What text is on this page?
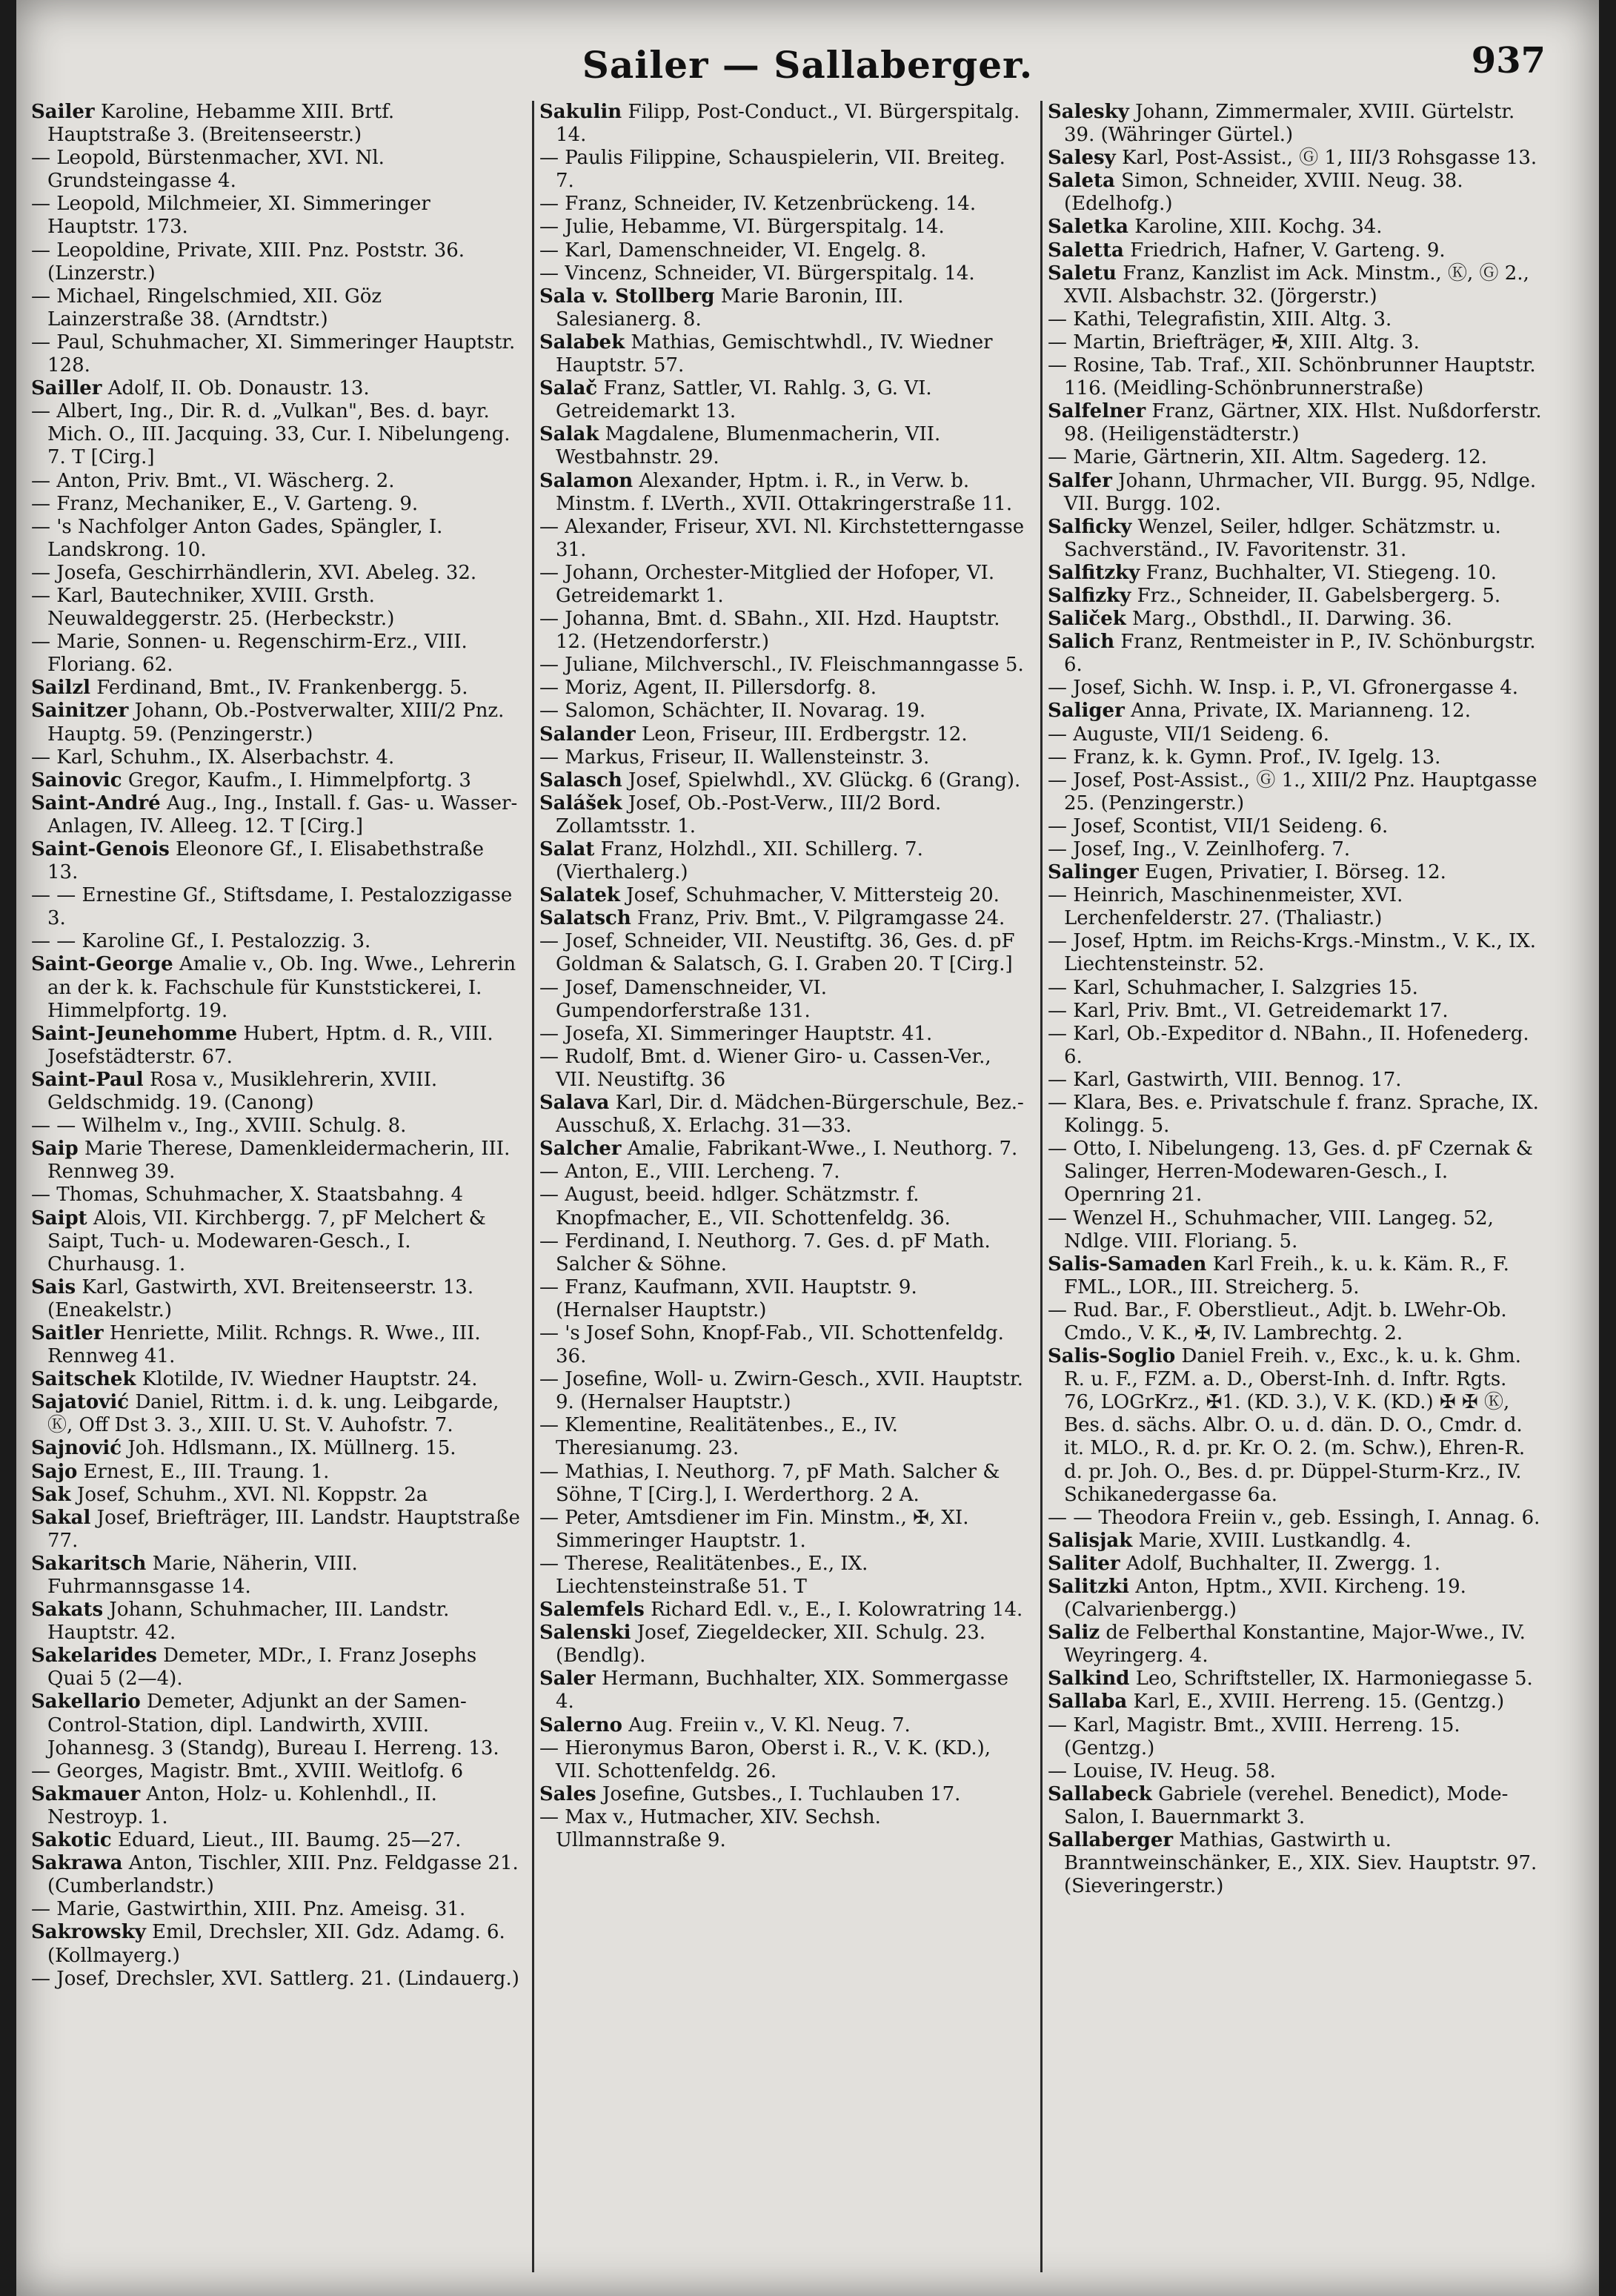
Sailer — Sallaberger.	937
Sailer Karoline, Hebamme XIII. Brtf. Hauptstraße 3. (Breitenseerstr.)
— Leopold, Bürstenmacher, XVI. Nl. Grundsteingasse 4.
— Leopold, Milchmeier, XI. Simmeringer Hauptstr. 173.
— Leopoldine, Private, XIII. Pnz. Poststr. 36. (Linzerstr.)
— Michael, Ringelschmied, XII. Göz Lainzerstraße 38. (Arndtstr.)
— Paul, Schuhmacher, XI. Simmeringer Hauptstr. 128.
Sailler Adolf, II. Ob. Donaustr. 13.
— Albert, Ing., Dir. R. d. „Vulkan", Bes. d. bayr. Mich. O., III. Jacquing. 33, Cur. I. Nibelungeng. 7. T [Cirg.]
— Anton, Priv. Bmt., VI. Wäscherg. 2.
— Franz, Mechaniker, E., V. Garteng. 9.
— 's Nachfolger Anton Gades, Spängler, I. Landskrong. 10.
— Josefa, Geschirrhändlerin, XVI. Abeleg. 32.
— Karl, Bautechniker, XVIII. Grsth. Neuwaldeggerstr. 25. (Herbeckstr.)
— Marie, Sonnen- u. Regenschirm-Erz., VIII. Floriang. 62.
Sailzl Ferdinand, Bmt., IV. Frankenbergg. 5.
Sainitzer Johann, Ob.-Postverwalter, XIII/2 Pnz. Hauptg. 59. (Penzingerstr.)
— Karl, Schuhm., IX. Alserbachstr. 4.
Sainovic Gregor, Kaufm., I. Himmelpfortg. 3
Saint-André Aug., Ing., Install. f. Gas- u. Wasser-Anlagen, IV. Alleeg. 12. T [Cirg.]
Saint-Genois Eleonore Gf., I. Elisabethstraße 13.
— — Ernestine Gf., Stiftsdame, I. Pestalozzigasse 3.
— — Karoline Gf., I. Pestalozzig. 3.
Saint-George Amalie v., Ob. Ing. Wwe., Lehrerin an der k. k. Fachschule für Kunststickerei, I. Himmelpfortg. 19.
Saint-Jeunehomme Hubert, Hptm. d. R., VIII. Josefstädterstr. 67.
Saint-Paul Rosa v., Musiklehrerin, XVIII. Geldschmidg. 19. (Canong)
— — Wilhelm v., Ing., XVIII. Schulg. 8.
Saip Marie Therese, Damenkleidermacherin, III. Rennweg 39.
— Thomas, Schuhmacher, X. Staatsbahng. 4
Saipt Alois, VII. Kirchbergg. 7, pF Melchert & Saipt, Tuch- u. Modewaren-Gesch., I. Churhausg. 1.
Sais Karl, Gastwirth, XVI. Breitenseerstr. 13. (Eneakelstr.)
Saitler Henriette, Milit. Rchngs. R. Wwe., III. Rennweg 41.
Saitschek Klotilde, IV. Wiedner Hauptstr. 24.
Sajatović Daniel, Rittm. i. d. k. ung. Leibgarde, Ⓚ, Off Dst 3. 3., XIII. U. St. V. Auhofstr. 7.
Sajnović Joh. Hdlsmann., IX. Müllnerg. 15.
Sajo Ernest, E., III. Traung. 1.
Sak Josef, Schuhm., XVI. Nl. Koppstr. 2a
Sakal Josef, Briefträger, III. Landstr. Hauptstraße 77.
Sakaritsch Marie, Näherin, VIII. Fuhrmannsgasse 14.
Sakats Johann, Schuhmacher, III. Landstr. Hauptstr. 42.
Sakelarides Demeter, MDr., I. Franz Josephs Quai 5 (2—4).
Sakellario Demeter, Adjunkt an der Samen-Control-Station, dipl. Landwirth, XVIII. Johannesg. 3 (Standg), Bureau I. Herreng. 13.
— Georges, Magistr. Bmt., XVIII. Weitlofg. 6
Sakmauer Anton, Holz- u. Kohlenhdl., II. Nestroyp. 1.
Sakotic Eduard, Lieut., III. Baumg. 25—27.
Sakrawa Anton, Tischler, XIII. Pnz. Feldgasse 21. (Cumberlandstr.)
— Marie, Gastwirthin, XIII. Pnz. Ameisg. 31.
Sakrowsky Emil, Drechsler, XII. Gdz. Adamg. 6. (Kollmayerg.)
— Josef, Drechsler, XVI. Sattlerg. 21. (Lindauerg.)
Sakulin Filipp, Post-Conduct., VI. Bürgerspitalg. 14.
— Paulis Filippine, Schauspielerin, VII. Breiteg. 7.
— Franz, Schneider, IV. Ketzenbrückeng. 14.
— Julie, Hebamme, VI. Bürgerspitalg. 14.
— Karl, Damenschneider, VI. Engelg. 8.
— Vincenz, Schneider, VI. Bürgerspitalg. 14.
Sala v. Stollberg Marie Baronin, III. Salesianerg. 8.
Salabek Mathias, Gemischtwhdl., IV. Wiedner Hauptstr. 57.
Salač Franz, Sattler, VI. Rahlg. 3, G. VI. Getreidemarkt 13.
Salak Magdalene, Blumenmacherin, VII. Westbahnstr. 29.
Salamon Alexander, Hptm. i. R., in Verw. b. Minstm. f. LVerth., XVII. Ottakringerstraße 11.
— Alexander, Friseur, XVI. Nl. Kirchstetterngasse 31.
— Johann, Orchester-Mitglied der Hofoper, VI. Getreidemarkt 1.
— Johanna, Bmt. d. SBahn., XII. Hzd. Hauptstr. 12. (Hetzendorferstr.)
— Juliane, Milchverschl., IV. Fleischmanngasse 5.
— Moriz, Agent, II. Pillersdorfg. 8.
— Salomon, Schächter, II. Novarag. 19.
Salander Leon, Friseur, III. Erdbergstr. 12.
— Markus, Friseur, II. Wallensteinstr. 3.
Salasch Josef, Spielwhdl., XV. Glückg. 6 (Grang).
Salášek Josef, Ob.-Post-Verw., III/2 Bord. Zollamtsstr. 1.
Salat Franz, Holzhdl., XII. Schillerg. 7. (Vierthalerg.)
Salatek Josef, Schuhmacher, V. Mittersteig 20.
Salatsch Franz, Priv. Bmt., V. Pilgramgasse 24.
— Josef, Schneider, VII. Neustiftg. 36, Ges. d. pF Goldman & Salatsch, G. I. Graben 20. T [Cirg.]
— Josef, Damenschneider, VI. Gumpendorferstraße 131.
— Josefa, XI. Simmeringer Hauptstr. 41.
— Rudolf, Bmt. d. Wiener Giro- u. Cassen-Ver., VII. Neustiftg. 36
Salava Karl, Dir. d. Mädchen-Bürgerschule, Bez.-Ausschuß, X. Erlachg. 31—33.
Salcher Amalie, Fabrikant-Wwe., I. Neuthorg. 7.
— Anton, E., VIII. Lercheng. 7.
— August, beeid. hdlger. Schätzmstr. f. Knopfmacher, E., VII. Schottenfeldg. 36.
— Ferdinand, I. Neuthorg. 7. Ges. d. pF Math. Salcher & Söhne.
— Franz, Kaufmann, XVII. Hauptstr. 9. (Hernalser Hauptstr.)
— 's Josef Sohn, Knopf-Fab., VII. Schottenfeldg. 36.
— Josefine, Woll- u. Zwirn-Gesch., XVII. Hauptstr. 9. (Hernalser Hauptstr.)
— Klementine, Realitätenbes., E., IV. Theresianumg. 23.
— Mathias, I. Neuthorg. 7, pF Math. Salcher & Söhne, T [Cirg.], I. Werderthorg. 2 A.
— Peter, Amtsdiener im Fin. Minstm., ✠, XI. Simmeringer Hauptstr. 1.
— Therese, Realitätenbes., E., IX. Liechtensteinstraße 51. T
Salemfels Richard Edl. v., E., I. Kolowratring 14.
Salenski Josef, Ziegeldecker, XII. Schulg. 23. (Bendlg).
Saler Hermann, Buchhalter, XIX. Sommergasse 4.
Salerno Aug. Freiin v., V. Kl. Neug. 7.
— Hieronymus Baron, Oberst i. R., V. K. (KD.), VII. Schottenfeldg. 26.
Sales Josefine, Gutsbes., I. Tuchlauben 17.
— Max v., Hutmacher, XIV. Sechsh. Ullmannstraße 9.
Salesky Johann, Zimmermaler, XVIII. Gürtelstr. 39. (Währinger Gürtel.)
Salesy Karl, Post-Assist., Ⓖ 1, III/3 Rohsgasse 13.
Saleta Simon, Schneider, XVIII. Neug. 38. (Edelhofg.)
Saletka Karoline, XIII. Kochg. 34.
Saletta Friedrich, Hafner, V. Garteng. 9.
Saletu Franz, Kanzlist im Ack. Minstm., Ⓚ, Ⓖ 2., XVII. Alsbachstr. 32. (Jörgerstr.)
— Kathi, Telegrafistin, XIII. Altg. 3.
— Martin, Briefträger, ✠, XIII. Altg. 3.
— Rosine, Tab. Traf., XII. Schönbrunner Hauptstr. 116. (Meidling-Schönbrunnerstraße)
Salfelner Franz, Gärtner, XIX. Hlst. Nußdorferstr. 98. (Heiligenstädterstr.)
— Marie, Gärtnerin, XII. Altm. Sagederg. 12.
Salfer Johann, Uhrmacher, VII. Burgg. 95, Ndlge. VII. Burgg. 102.
Salficky Wenzel, Seiler, hdlger. Schätzmstr. u. Sachverständ., IV. Favoritenstr. 31.
Salfitzky Franz, Buchhalter, VI. Stiegeng. 10.
Salfizky Frz., Schneider, II. Gabelsbergerg. 5.
Saliček Marg., Obsthdl., II. Darwing. 36.
Salich Franz, Rentmeister in P., IV. Schönburgstr. 6.
— Josef, Sichh. W. Insp. i. P., VI. Gfronergasse 4.
Saliger Anna, Private, IX. Marianneng. 12.
— Auguste, VII/1 Seideng. 6.
— Franz, k. k. Gymn. Prof., IV. Igelg. 13.
— Josef, Post-Assist., Ⓖ 1., XIII/2 Pnz. Hauptgasse 25. (Penzingerstr.)
— Josef, Scontist, VII/1 Seideng. 6.
— Josef, Ing., V. Zeinlhoferg. 7.
Salinger Eugen, Privatier, I. Börseg. 12.
— Heinrich, Maschinenmeister, XVI. Lerchenfelderstr. 27. (Thaliastr.)
— Josef, Hptm. im Reichs-Krgs.-Minstm., V. K., IX. Liechtensteinstr. 52.
— Karl, Schuhmacher, I. Salzgries 15.
— Karl, Priv. Bmt., VI. Getreidemarkt 17.
— Karl, Ob.-Expeditor d. NBahn., II. Hofenederg. 6.
— Karl, Gastwirth, VIII. Bennog. 17.
— Klara, Bes. e. Privatschule f. franz. Sprache, IX. Kolingg. 5.
— Otto, I. Nibelungeng. 13, Ges. d. pF Czernak & Salinger, Herren-Modewaren-Gesch., I. Opernring 21.
— Wenzel H., Schuhmacher, VIII. Langeg. 52, Ndlge. VIII. Floriang. 5.
Salis-Samaden Karl Freih., k. u. k. Käm. R., F. FML., LOR., III. Streicherg. 5.
— Rud. Bar., F. Oberstlieut., Adjt. b. LWehr-Ob. Cmdo., V. K., ✠, IV. Lambrechtg. 2.
Salis-Soglio Daniel Freih. v., Exc., k. u. k. Ghm. R. u. F., FZM. a. D., Oberst-Inh. d. Inftr. Rgts. 76, LOGrKrz., ✠1. (KD. 3.), V. K. (KD.) ✠ ✠ Ⓚ, Bes. d. sächs. Albr. O. u. d. dän. D. O., Cmdr. d. it. MLO., R. d. pr. Kr. O. 2. (m. Schw.), Ehren-R. d. pr. Joh. O., Bes. d. pr. Düppel-Sturm-Krz., IV. Schikanedergasse 6a.
— — Theodora Freiin v., geb. Essingh, I. Annag. 6.
Salisjak Marie, XVIII. Lustkandlg. 4.
Saliter Adolf, Buchhalter, II. Zwergg. 1.
Salitzki Anton, Hptm., XVII. Kircheng. 19. (Calvarienbergg.)
Saliz de Felberthal Konstantine, Major-Wwe., IV. Weyringerg. 4.
Salkind Leo, Schriftsteller, IX. Harmoniegasse 5.
Sallaba Karl, E., XVIII. Herreng. 15. (Gentzg.)
— Karl, Magistr. Bmt., XVIII. Herreng. 15. (Gentzg.)
— Louise, IV. Heug. 58.
Sallabeck Gabriele (verehel. Benedict), Mode-Salon, I. Bauernmarkt 3.
Sallaberger Mathias, Gastwirth u. Branntweinschänker, E., XIX. Siev. Hauptstr. 97. (Sieveringerstr.)
